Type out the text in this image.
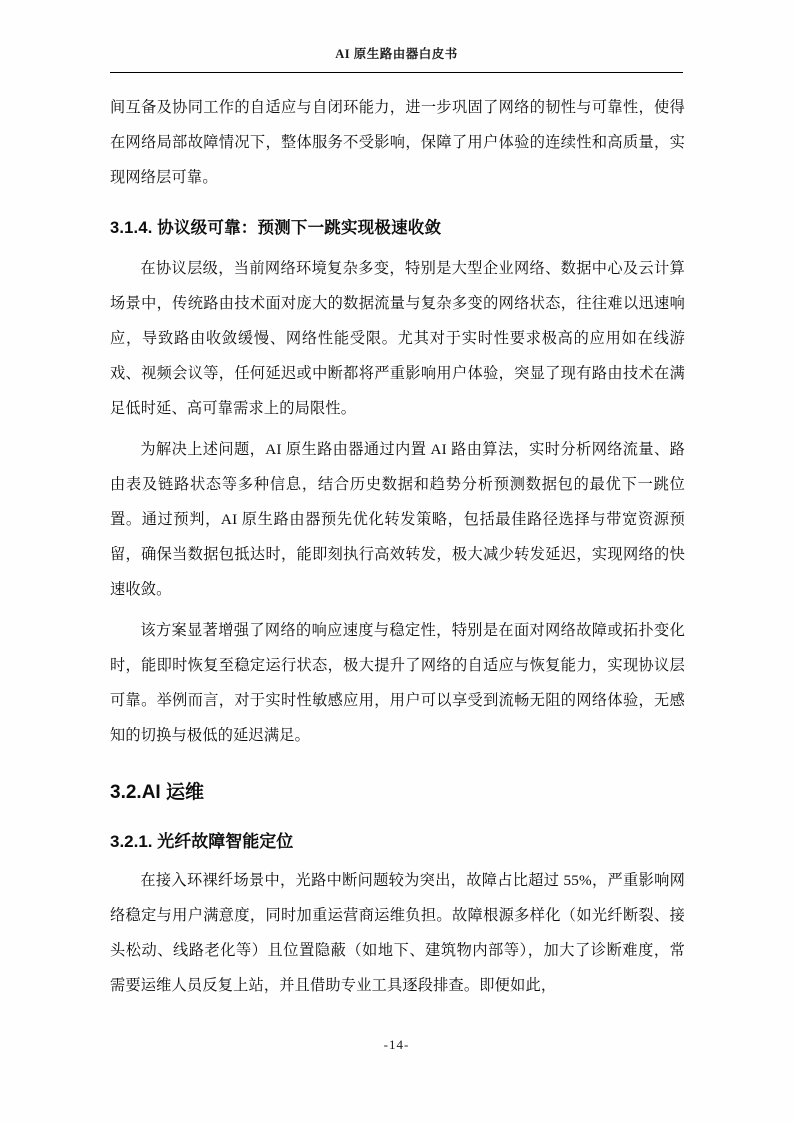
AI 原生路由器白皮书

间互备及协同工作的自适应与自闭环能力，进一步巩固了网络的韧性与可靠性，使得在网络局部故障情况下，整体服务不受影响，保障了用户体验的连续性和高质量，实现网络层可靠。

3.1.4. 协议级可靠：预测下一跳实现极速收敛

在协议层级，当前网络环境复杂多变，特别是大型企业网络、数据中心及云计算场景中，传统路由技术面对庞大的数据流量与复杂多变的网络状态，往往难以迅速响应，导致路由收敛缓慢、网络性能受限。尤其对于实时性要求极高的应用如在线游戏、视频会议等，任何延迟或中断都将严重影响用户体验，突显了现有路由技术在满足低时延、高可靠需求上的局限性。

为解决上述问题，AI 原生路由器通过内置 AI 路由算法，实时分析网络流量、路由表及链路状态等多种信息，结合历史数据和趋势分析预测数据包的最优下一跳位置。通过预判，AI 原生路由器预先优化转发策略，包括最佳路径选择与带宽资源预留，确保当数据包抵达时，能即刻执行高效转发，极大减少转发延迟，实现网络的快速收敛。

该方案显著增强了网络的响应速度与稳定性，特别是在面对网络故障或拓扑变化时，能即时恢复至稳定运行状态，极大提升了网络的自适应与恢复能力，实现协议层可靠。举例而言，对于实时性敏感应用，用户可以享受到流畅无阻的网络体验，无感知的切换与极低的延迟满足。

3.2.AI 运维
3.2.1. 光纤故障智能定位

在接入环裸纤场景中，光路中断问题较为突出，故障占比超过 55%，严重影响网络稳定与用户满意度，同时加重运营商运维负担。故障根源多样化（如光纤断裂、接头松动、线路老化等）且位置隐蔽（如地下、建筑物内部等），加大了诊断难度，常需要运维人员反复上站，并且借助专业工具逐段排查。即便如此，

-14-
